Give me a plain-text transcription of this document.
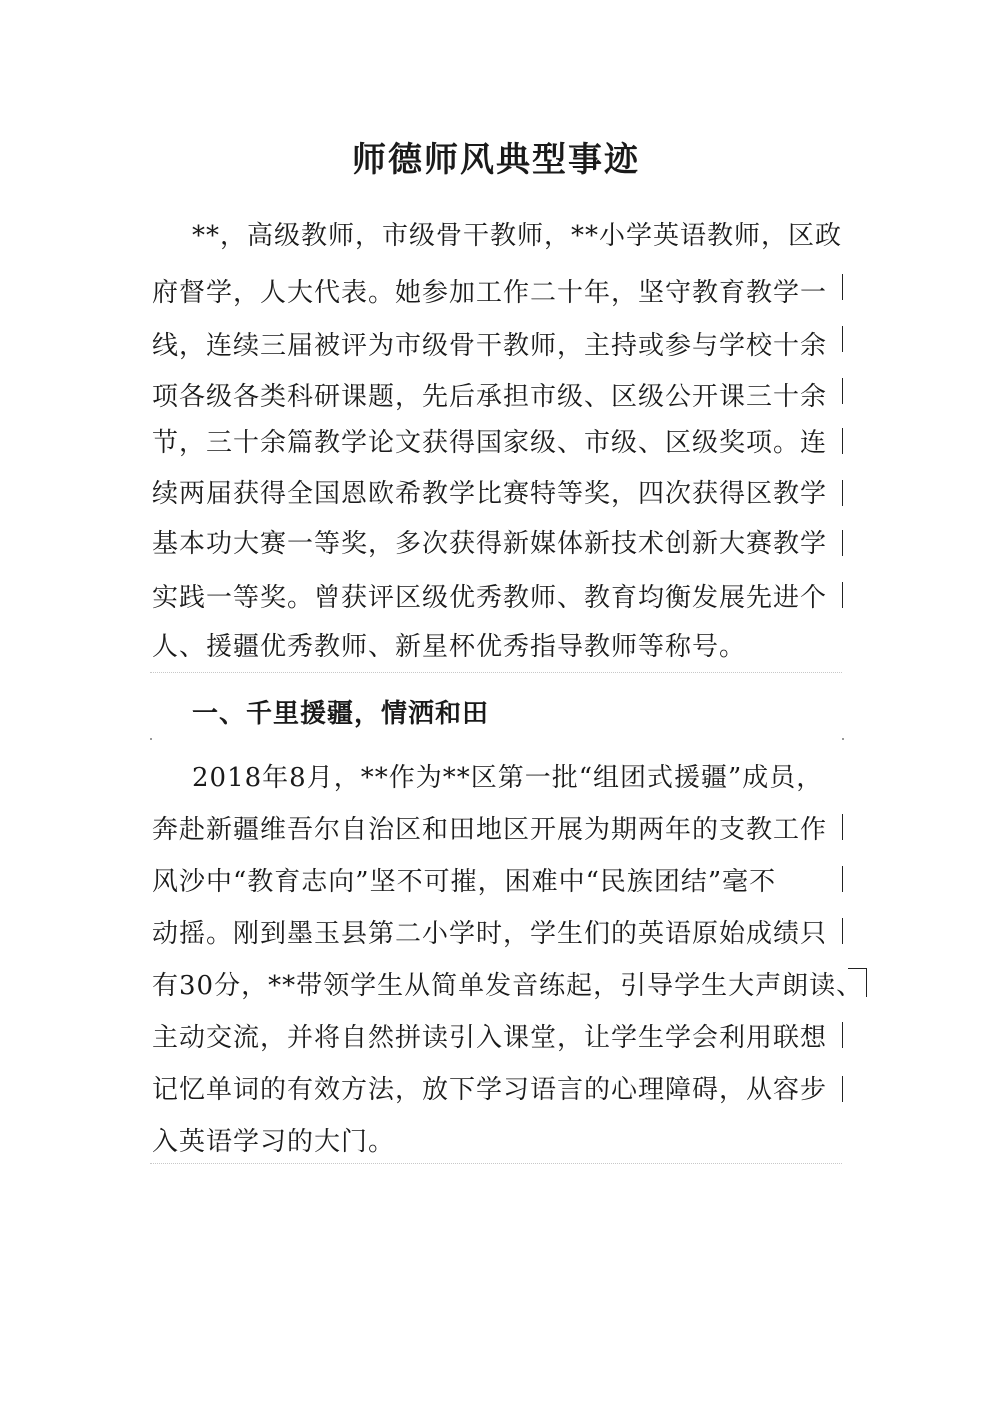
师德师风典型事迹
**，高级教师，市级骨干教师，**小学英语教师，区政
府督学，人大代表。她参加工作二十年，坚守教育教学一
线，连续三届被评为市级骨干教师，主持或参与学校十余
项各级各类科研课题，先后承担市级、区级公开课三十余
节，三十余篇教学论文获得国家级、市级、区级奖项。连
续两届获得全国恩欧希教学比赛特等奖，四次获得区教学
基本功大赛一等奖，多次获得新媒体新技术创新大赛教学
实践一等奖。曾获评区级优秀教师、教育均衡发展先进个
人、援疆优秀教师、新星杯优秀指导教师等称号。
一、千里援疆，情洒和田
2018年8月，**作为**区第一批“组团式援疆”成员，
奔赴新疆维吾尔自治区和田地区开展为期两年的支教工作
风沙中“教育志向”坚不可摧，困难中“民族团结”毫不
动摇。刚到墨玉县第二小学时，学生们的英语原始成绩只
有30分，**带领学生从简单发音练起，引导学生大声朗读、
主动交流，并将自然拼读引入课堂，让学生学会利用联想
记忆单词的有效方法，放下学习语言的心理障碍，从容步
入英语学习的大门。
